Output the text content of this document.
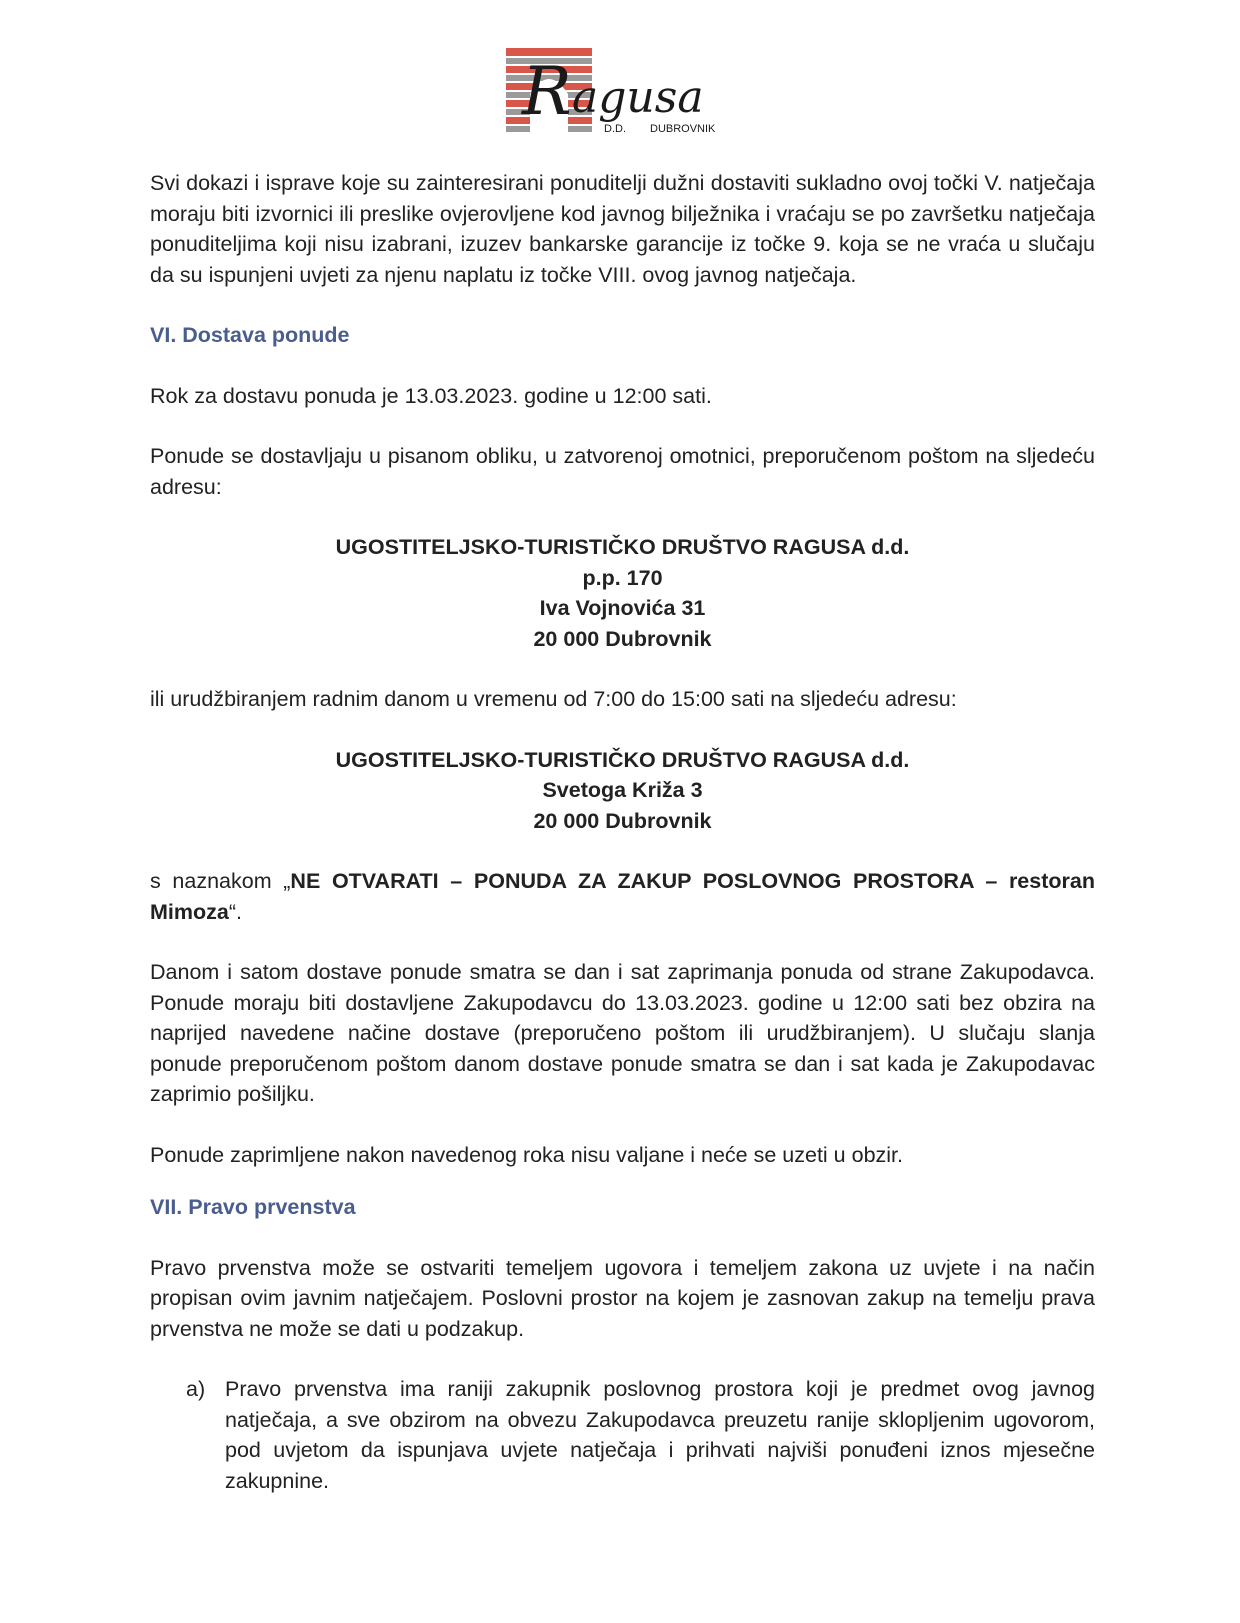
R agusa
D.D. DUBROVNIK

Svi dokazi i isprave koje su zainteresirani ponuditelji dužni dostaviti sukladno ovoj točki V. natječaja moraju biti izvornici ili preslike ovjerovljene kod javnog bilježnika i vraćaju se po završetku natječaja ponuditeljima koji nisu izabrani, izuzev bankarske garancije iz točke 9. koja se ne vraća u slučaju da su ispunjeni uvjeti za njenu naplatu iz točke VIII. ovog javnog natječaja.

VI. Dostava ponude

Rok za dostavu ponuda je 13.03.2023. godine u 12:00 sati.

Ponude se dostavljaju u pisanom obliku, u zatvorenoj omotnici, preporučenom poštom na sljedeću adresu:

UGOSTITELJSKO-TURISTIČKO DRUŠTVO RAGUSA d.d.

p.p. 170

Iva Vojnovića 31

20 000 Dubrovnik

ili urudžbiranjem radnim danom u vremenu od 7:00 do 15:00 sati na sljedeću adresu:

UGOSTITELJSKO-TURISTIČKO DRUŠTVO RAGUSA d.d.

Svetoga Križa 3

20 000 Dubrovnik

s naznakom „NE OTVARATI – PONUDA ZA ZAKUP POSLOVNOG PROSTORA – restoran Mimoza“.

Danom i satom dostave ponude smatra se dan i sat zaprimanja ponuda od strane Zakupodavca. Ponude moraju biti dostavljene Zakupodavcu do 13.03.2023. godine u 12:00 sati bez obzira na naprijed navedene načine dostave (preporučeno poštom ili urudžbiranjem). U slučaju slanja ponude preporučenom poštom danom dostave ponude smatra se dan i sat kada je Zakupodavac zaprimio pošiljku.

Ponude zaprimljene nakon navedenog roka nisu valjane i neće se uzeti u obzir.

VII. Pravo prvenstva

Pravo prvenstva može se ostvariti temeljem ugovora i temeljem zakona uz uvjete i na način propisan ovim javnim natječajem. Poslovni prostor na kojem je zasnovan zakup na temelju prava prvenstva ne može se dati u podzakup.

a) Pravo prvenstva ima raniji zakupnik poslovnog prostora koji je predmet ovog javnog natječaja, a sve obzirom na obvezu Zakupodavca preuzetu ranije sklopljenim ugovorom, pod uvjetom da ispunjava uvjete natječaja i prihvati najviši ponuđeni iznos mjesečne zakupnine.
